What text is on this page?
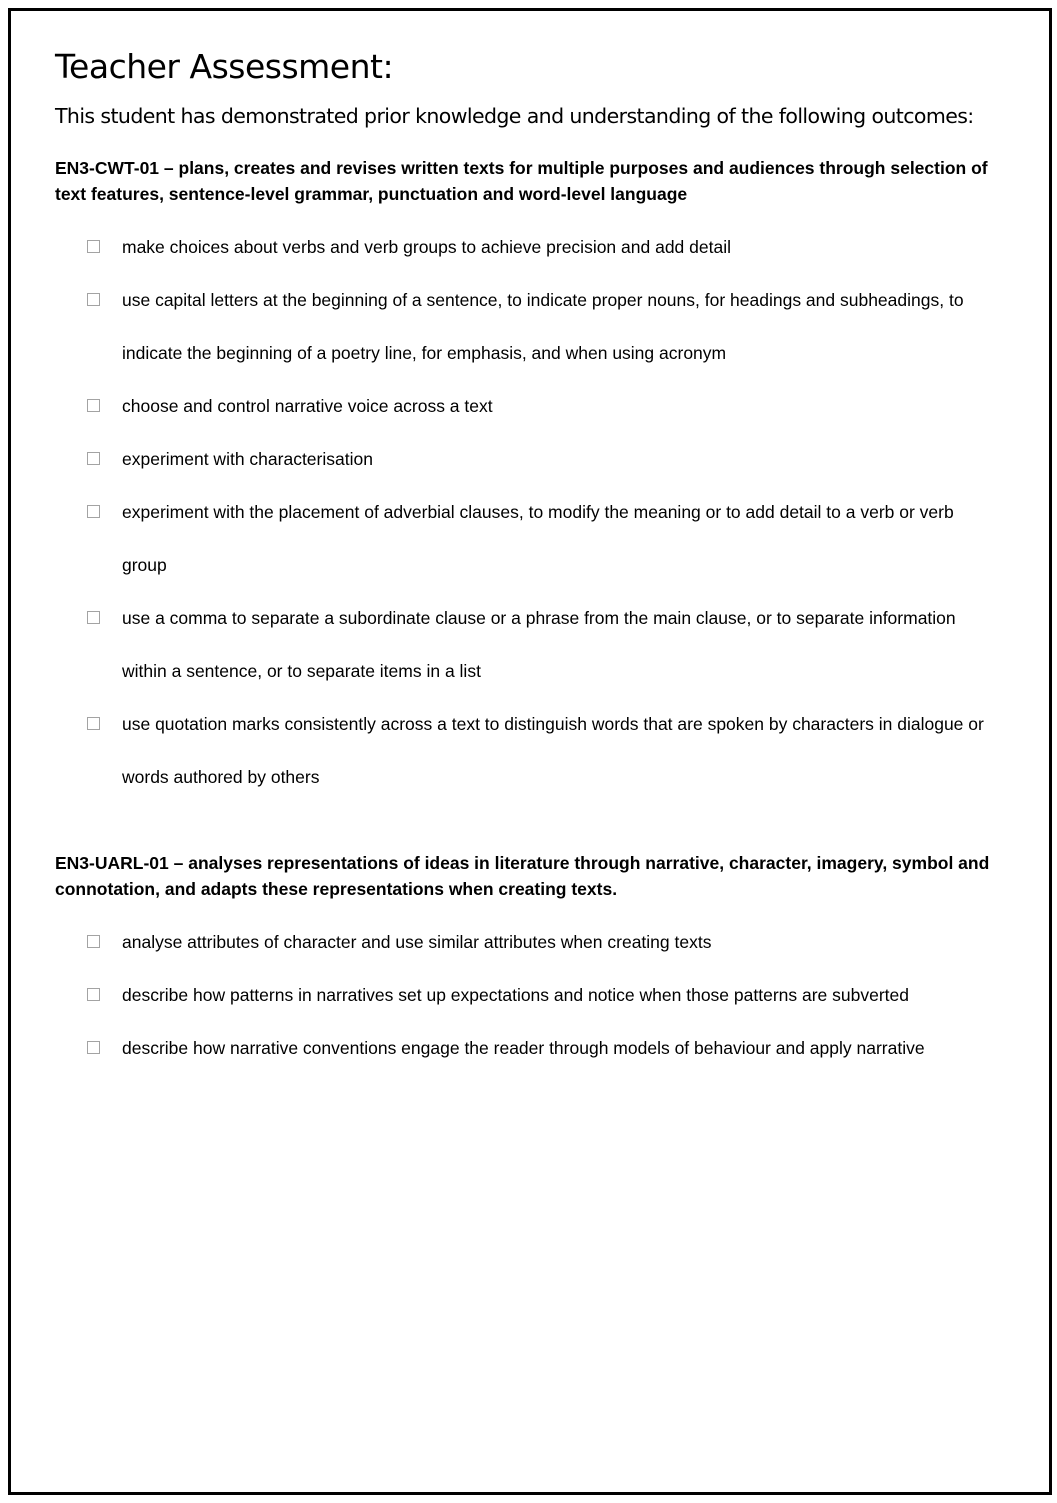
Teacher Assessment:

This student has demonstrated prior knowledge and understanding of the following outcomes:

EN3-CWT-01 – plans, creates and revises written texts for multiple purposes and audiences through selection of text features, sentence-level grammar, punctuation and word-level language
make choices about verbs and verb groups to achieve precision and add detail
use capital letters at the beginning of a sentence, to indicate proper nouns, for headings and subheadings, to indicate the beginning of a poetry line, for emphasis, and when using acronym
choose and control narrative voice across a text
experiment with characterisation
experiment with the placement of adverbial clauses, to modify the meaning or to add detail to a verb or verb group
use a comma to separate a subordinate clause or a phrase from the main clause, or to separate information within a sentence, or to separate items in a list
use quotation marks consistently across a text to distinguish words that are spoken by characters in dialogue or words authored by others
EN3-UARL-01 – analyses representations of ideas in literature through narrative, character, imagery, symbol and connotation, and adapts these representations when creating texts.
analyse attributes of character and use similar attributes when creating texts
describe how patterns in narratives set up expectations and notice when those patterns are subverted
describe how narrative conventions engage the reader through models of behaviour and apply narrative
